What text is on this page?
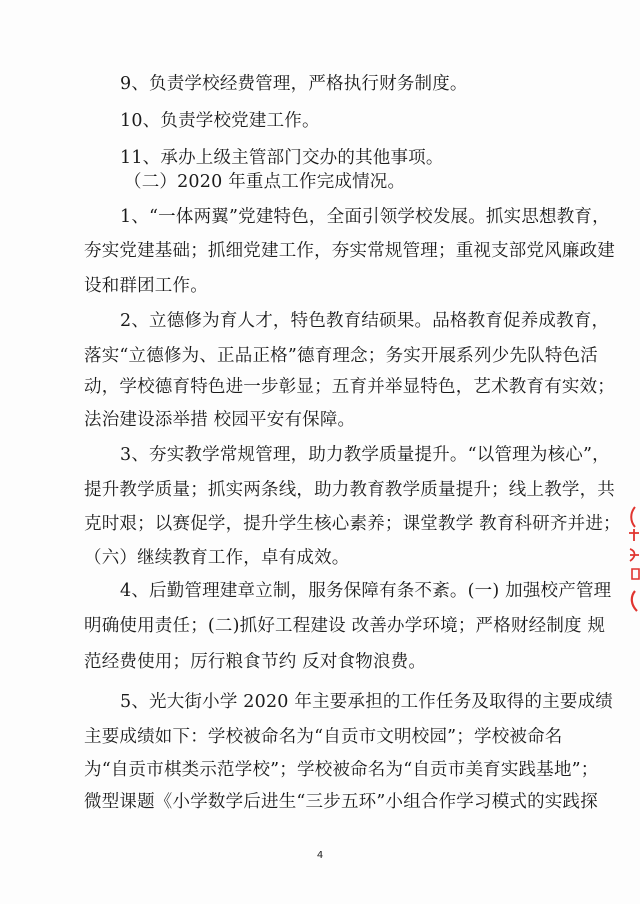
9、负责学校经费管理，严格执行财务制度。
10、负责学校党建工作。
11、承办上级主管部门交办的其他事项。
（二）2020 年重点工作完成情况。
1、“一体两翼”党建特色，全面引领学校发展。抓实思想教育，
夯实党建基础；抓细党建工作，夯实常规管理；重视支部党风廉政建
设和群团工作。
2、立德修为育人才，特色教育结硕果。品格教育促养成教育，
落实“立德修为、正品正格”德育理念；务实开展系列少先队特色活
动，学校德育特色进一步彰显；五育并举显特色，艺术教育有实效；
法治建设添举措 校园平安有保障。
3、夯实教学常规管理，助力教学质量提升。“以管理为核心”，
提升教学质量；抓实两条线，助力教育教学质量提升；线上教学，共
克时艰；以赛促学，提升学生核心素养；课堂教学 教育科研齐并进；
（六）继续教育工作，卓有成效。
4、后勤管理建章立制，服务保障有条不紊。(一) 加强校产管理
明确使用责任；(二)抓好工程建设 改善办学环境；严格财经制度 规
范经费使用；厉行粮食节约 反对食物浪费。
5、光大街小学 2020 年主要承担的工作任务及取得的主要成绩
主要成绩如下：学校被命名为“自贡市文明校园”；学校被命名
为“自贡市棋类示范学校”；学校被命名为“自贡市美育实践基地”；
微型课题《小学数学后进生“三步五环”小组合作学习模式的实践探
4
